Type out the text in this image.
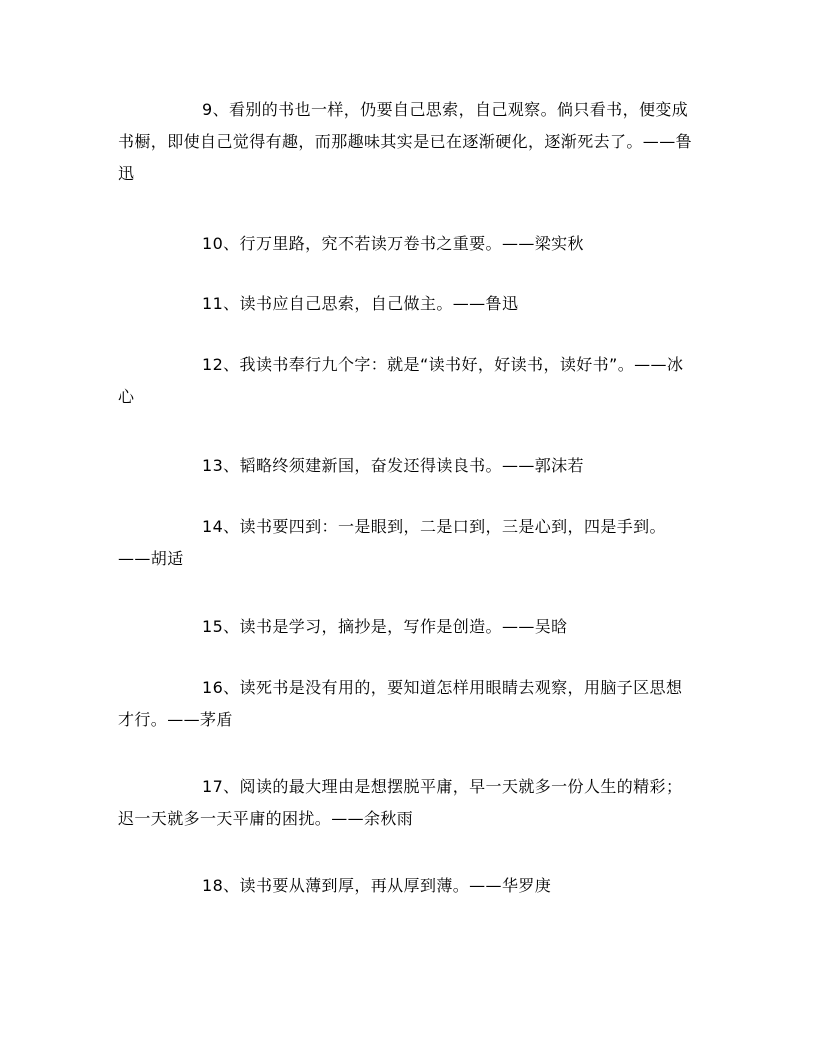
9、看别的书也一样，仍要自己思索，自己观察。倘只看书，便变成书橱，即使自己觉得有趣，而那趣味其实是已在逐渐硬化，逐渐死去了。——鲁迅

10、行万里路，究不若读万卷书之重要。——梁实秋

11、读书应自己思索，自己做主。——鲁迅

12、我读书奉行九个字：就是“读书好，好读书，读好书”。——冰心

13、韬略终须建新国，奋发还得读良书。——郭沫若

14、读书要四到：一是眼到，二是口到，三是心到，四是手到。——胡适

15、读书是学习，摘抄是，写作是创造。——吴晗

16、读死书是没有用的，要知道怎样用眼睛去观察，用脑子区思想才行。——茅盾

17、阅读的最大理由是想摆脱平庸，早一天就多一份人生的精彩；迟一天就多一天平庸的困扰。——余秋雨

18、读书要从薄到厚，再从厚到薄。——华罗庚
